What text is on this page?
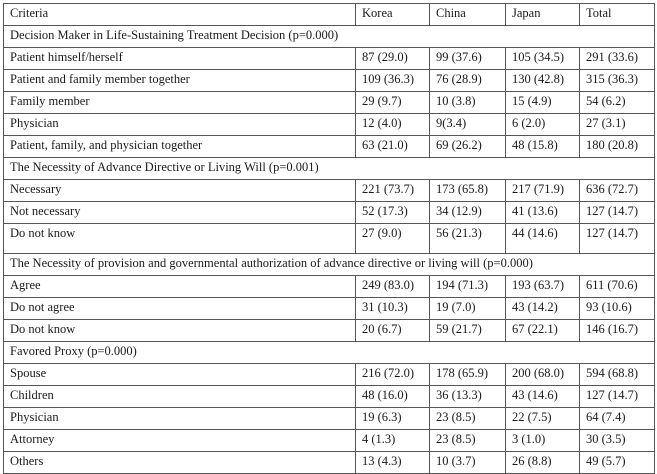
Criteria	Korea	China	Japan	Total
Decision Maker in Life-Sustaining Treatment Decision (p=0.000)				
Patient himself/herself	87 (29.0)	99 (37.6)	105 (34.5)	291 (33.6)
Patient and family member together	109 (36.3)	76 (28.9)	130 (42.8)	315 (36.3)
Family member	29 (9.7)	10 (3.8)	15 (4.9)	54 (6.2)
Physician	12 (4.0)	9(3.4)	6 (2.0)	27 (3.1)
Patient, family, and physician together	63 (21.0)	69 (26.2)	48 (15.8)	180 (20.8)
The Necessity of Advance Directive or Living Will (p=0.001)				
Necessary	221 (73.7)	173 (65.8)	217 (71.9)	636 (72.7)
Not necessary	52 (17.3)	34 (12.9)	41 (13.6)	127 (14.7)
Do not know	27 (9.0)	56 (21.3)	44 (14.6)	127 (14.7)
The Necessity of provision and governmental authorization of advance directive or living will (p=0.000)				
Agree	249 (83.0)	194 (71.3)	193 (63.7)	611 (70.6)
Do not agree	31 (10.3)	19 (7.0)	43 (14.2)	93 (10.6)
Do not know	20 (6.7)	59 (21.7)	67 (22.1)	146 (16.7)
Favored Proxy (p=0.000)				
Spouse	216 (72.0)	178 (65.9)	200 (68.0)	594 (68.8)
Children	48 (16.0)	36 (13.3)	43 (14.6)	127 (14.7)
Physician	19 (6.3)	23 (8.5)	22 (7.5)	64 (7.4)
Attorney	4 (1.3)	23 (8.5)	3 (1.0)	30 (3.5)
Others	13 (4.3)	10 (3.7)	26 (8.8)	49 (5.7)
